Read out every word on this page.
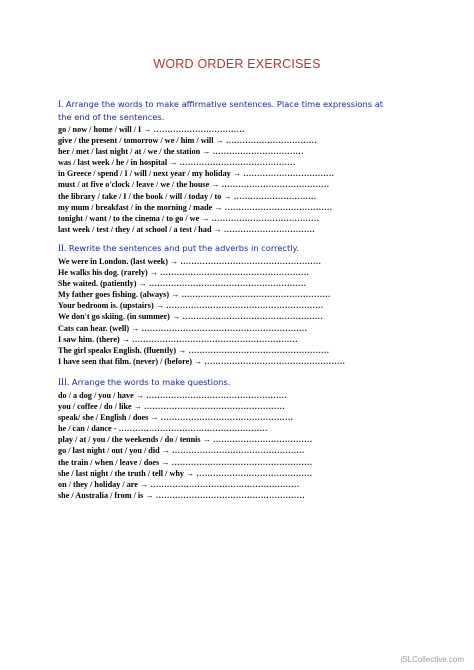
WORD ORDER EXERCISES
I. Arrange the words to make affirmative sentences. Place time expressions at the end of the sentences.
go / now / home / will / I → ……………………………
give / the present / tomorrow / we / him / will → ……………………………
her / met / last night / at / we / the station → ……………………………
was / last week / he / in hospital → ……………………………………
in Greece / spend / I / will / next year / my holiday → ……………………………
must / at five o'clock / leave / we / the house → …………………………………
the library / take / I / the book / will / today / to → …………………………
my mum / breakfast / in the morning / made → …………………………………
tonight / want / to the cinema / to go / we → …………………………………
last week / test / they / at school / a test / had → ……………………………
II. Rewrite the sentences and put the adverbs in correctly.
We were in London. (last week) → ……………………………………………
He walks his dog. (rarely) → ………………………………………………
She waited. (patiently) → …………………………………………………
My father goes fishing. (always) → ………………………………………………
Your bedroom is. (upstairs) → …………………………………………………
We don't go skiing. (in summer) → ……………………………………………
Cats can hear. (well) → ……………………………………………………
I saw him. (there) → ……………………………………………………
The girl speaks English. (fluently) → ……………………………………………
I have seen that film. (never) / (before) → ……………………………………………
III. Arrange the words to make questions.
do / a dog / you / have → ……………………………………………
you / coffee / do / like → ……………………………………………
speak/ she / English / does → …………………………………………
he / can / dance - ………………………………………………
play / at / you / the weekends / do / tennis → ………………………………
go / last night / out / you / did → …………………………………………
the train / when / leave / does → ……………………………………………
she / last night / the truth / tell / why → ……………………………………
on / they / holiday / are → ………………………………………………
she / Australia / from / is → ………………………………………………
iSLCollective.com
